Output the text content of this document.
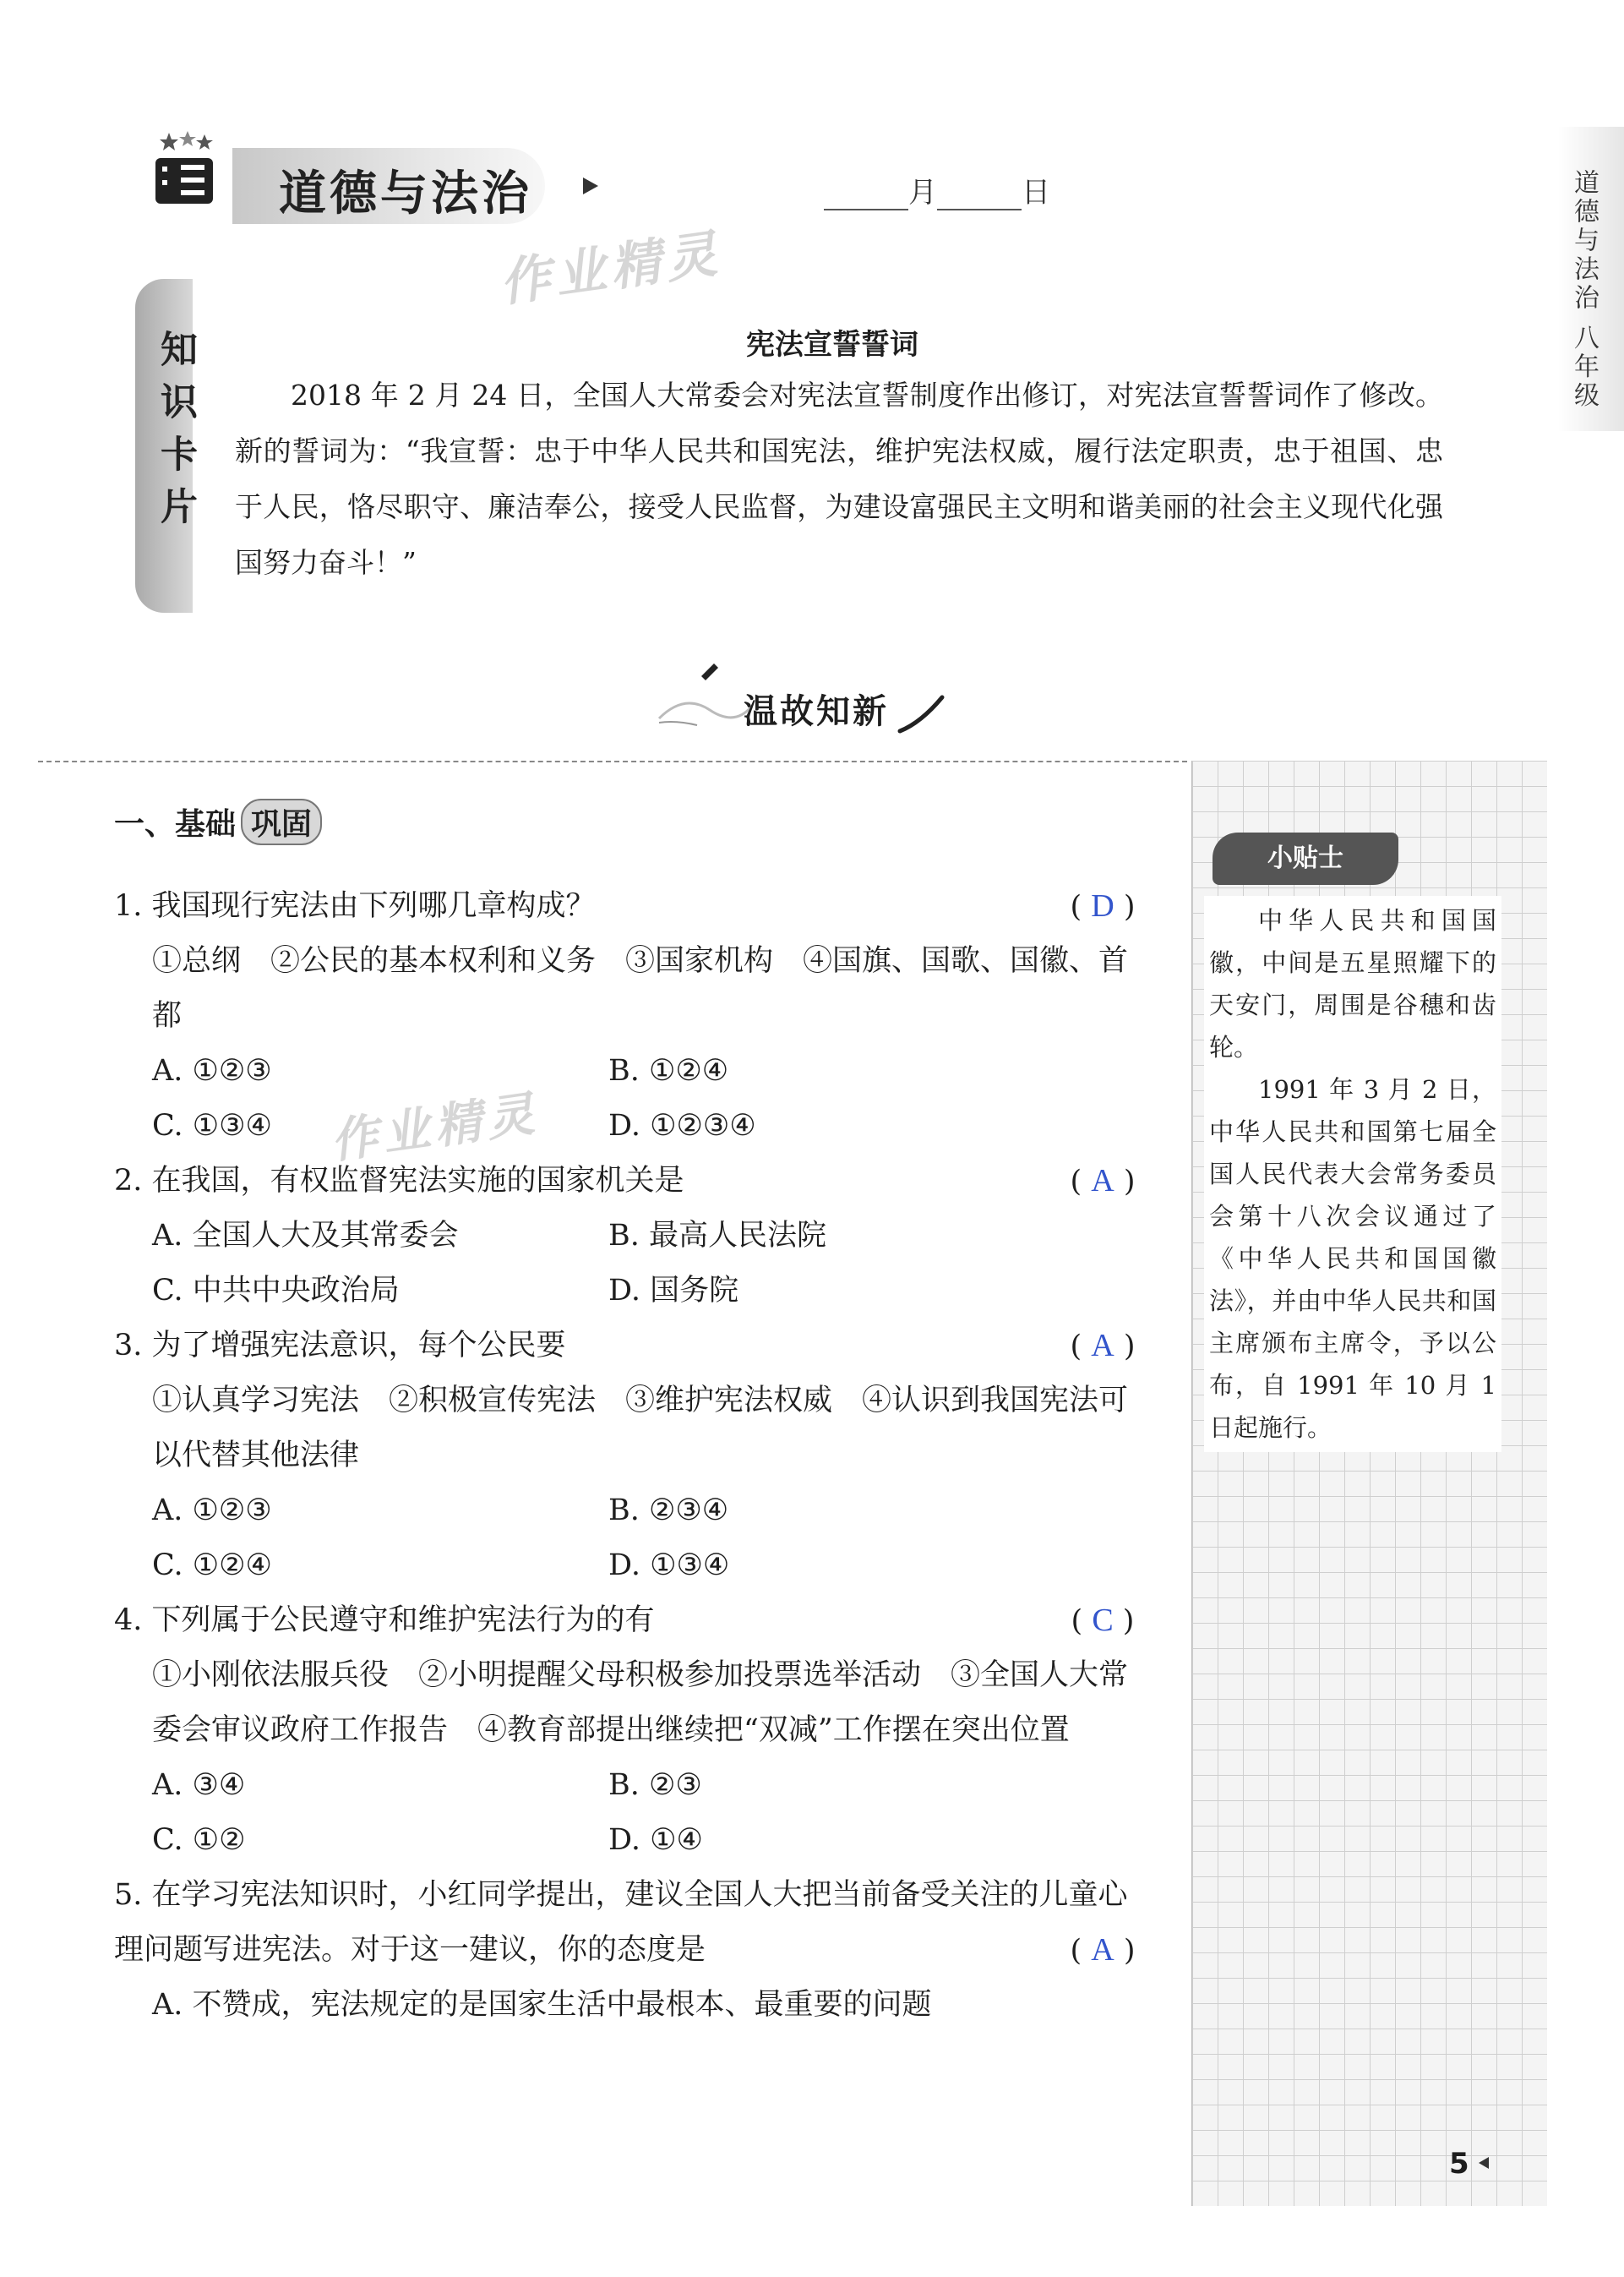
道德与法治	月	日
作业精灵	道德与法治 八年级
知识卡片	宪法宣誓誓词

2018 年 2 月 24 日，全国人大常委会对宪法宣誓制度作出修订，对宪法宣誓誓词作了修改。新的誓词为：“我宣誓：忠于中华人民共和国宪法，维护宪法权威，履行法定职责，忠于祖国、忠于人民，恪尽职守、廉洁奉公，接受人民监督，为建设富强民主文明和谐美丽的社会主义现代化强国努力奋斗！”

温故知新
小贴士

中华人民共和国国徽，中间是五星照耀下的天安门，周围是谷穗和齿轮。

1991 年 3 月 2 日，中华人民共和国第七届全国人民代表大会常务委员会第十八次会议通过了《中华人民共和国国徽法》，并由中华人民共和国主席颁布主席令，予以公布，自 1991 年 10 月 1 日起施行。

一、基础 巩固
1. 我国现行宪法由下列哪几章构成？	( D )
①总纲　②公民的基本权利和义务　③国家机构　④国旗、国歌、国徽、首都
A. ①②③	B. ①②④
C. ①③④	D. ①②③④
2. 在我国，有权监督宪法实施的国家机关是	( A )
A. 全国人大及其常委会	B. 最高人民法院
C. 中共中央政治局	D. 国务院
3. 为了增强宪法意识，每个公民要	( A )
①认真学习宪法　②积极宣传宪法　③维护宪法权威　④认识到我国宪法可以代替其他法律
A. ①②③	B. ②③④
C. ①②④	D. ①③④
4. 下列属于公民遵守和维护宪法行为的有	( C )
①小刚依法服兵役　②小明提醒父母积极参加投票选举活动　③全国人大常委会审议政府工作报告　④教育部提出继续把“双减”工作摆在突出位置
A. ③④	B. ②③
C. ①②	D. ①④
5. 在学习宪法知识时，小红同学提出，建议全国人大把当前备受关注的儿童心理问题写进宪法。对于这一建议，你的态度是	( A )
A. 不赞成，宪法规定的是国家生活中最根本、最重要的问题
作业精灵
5
